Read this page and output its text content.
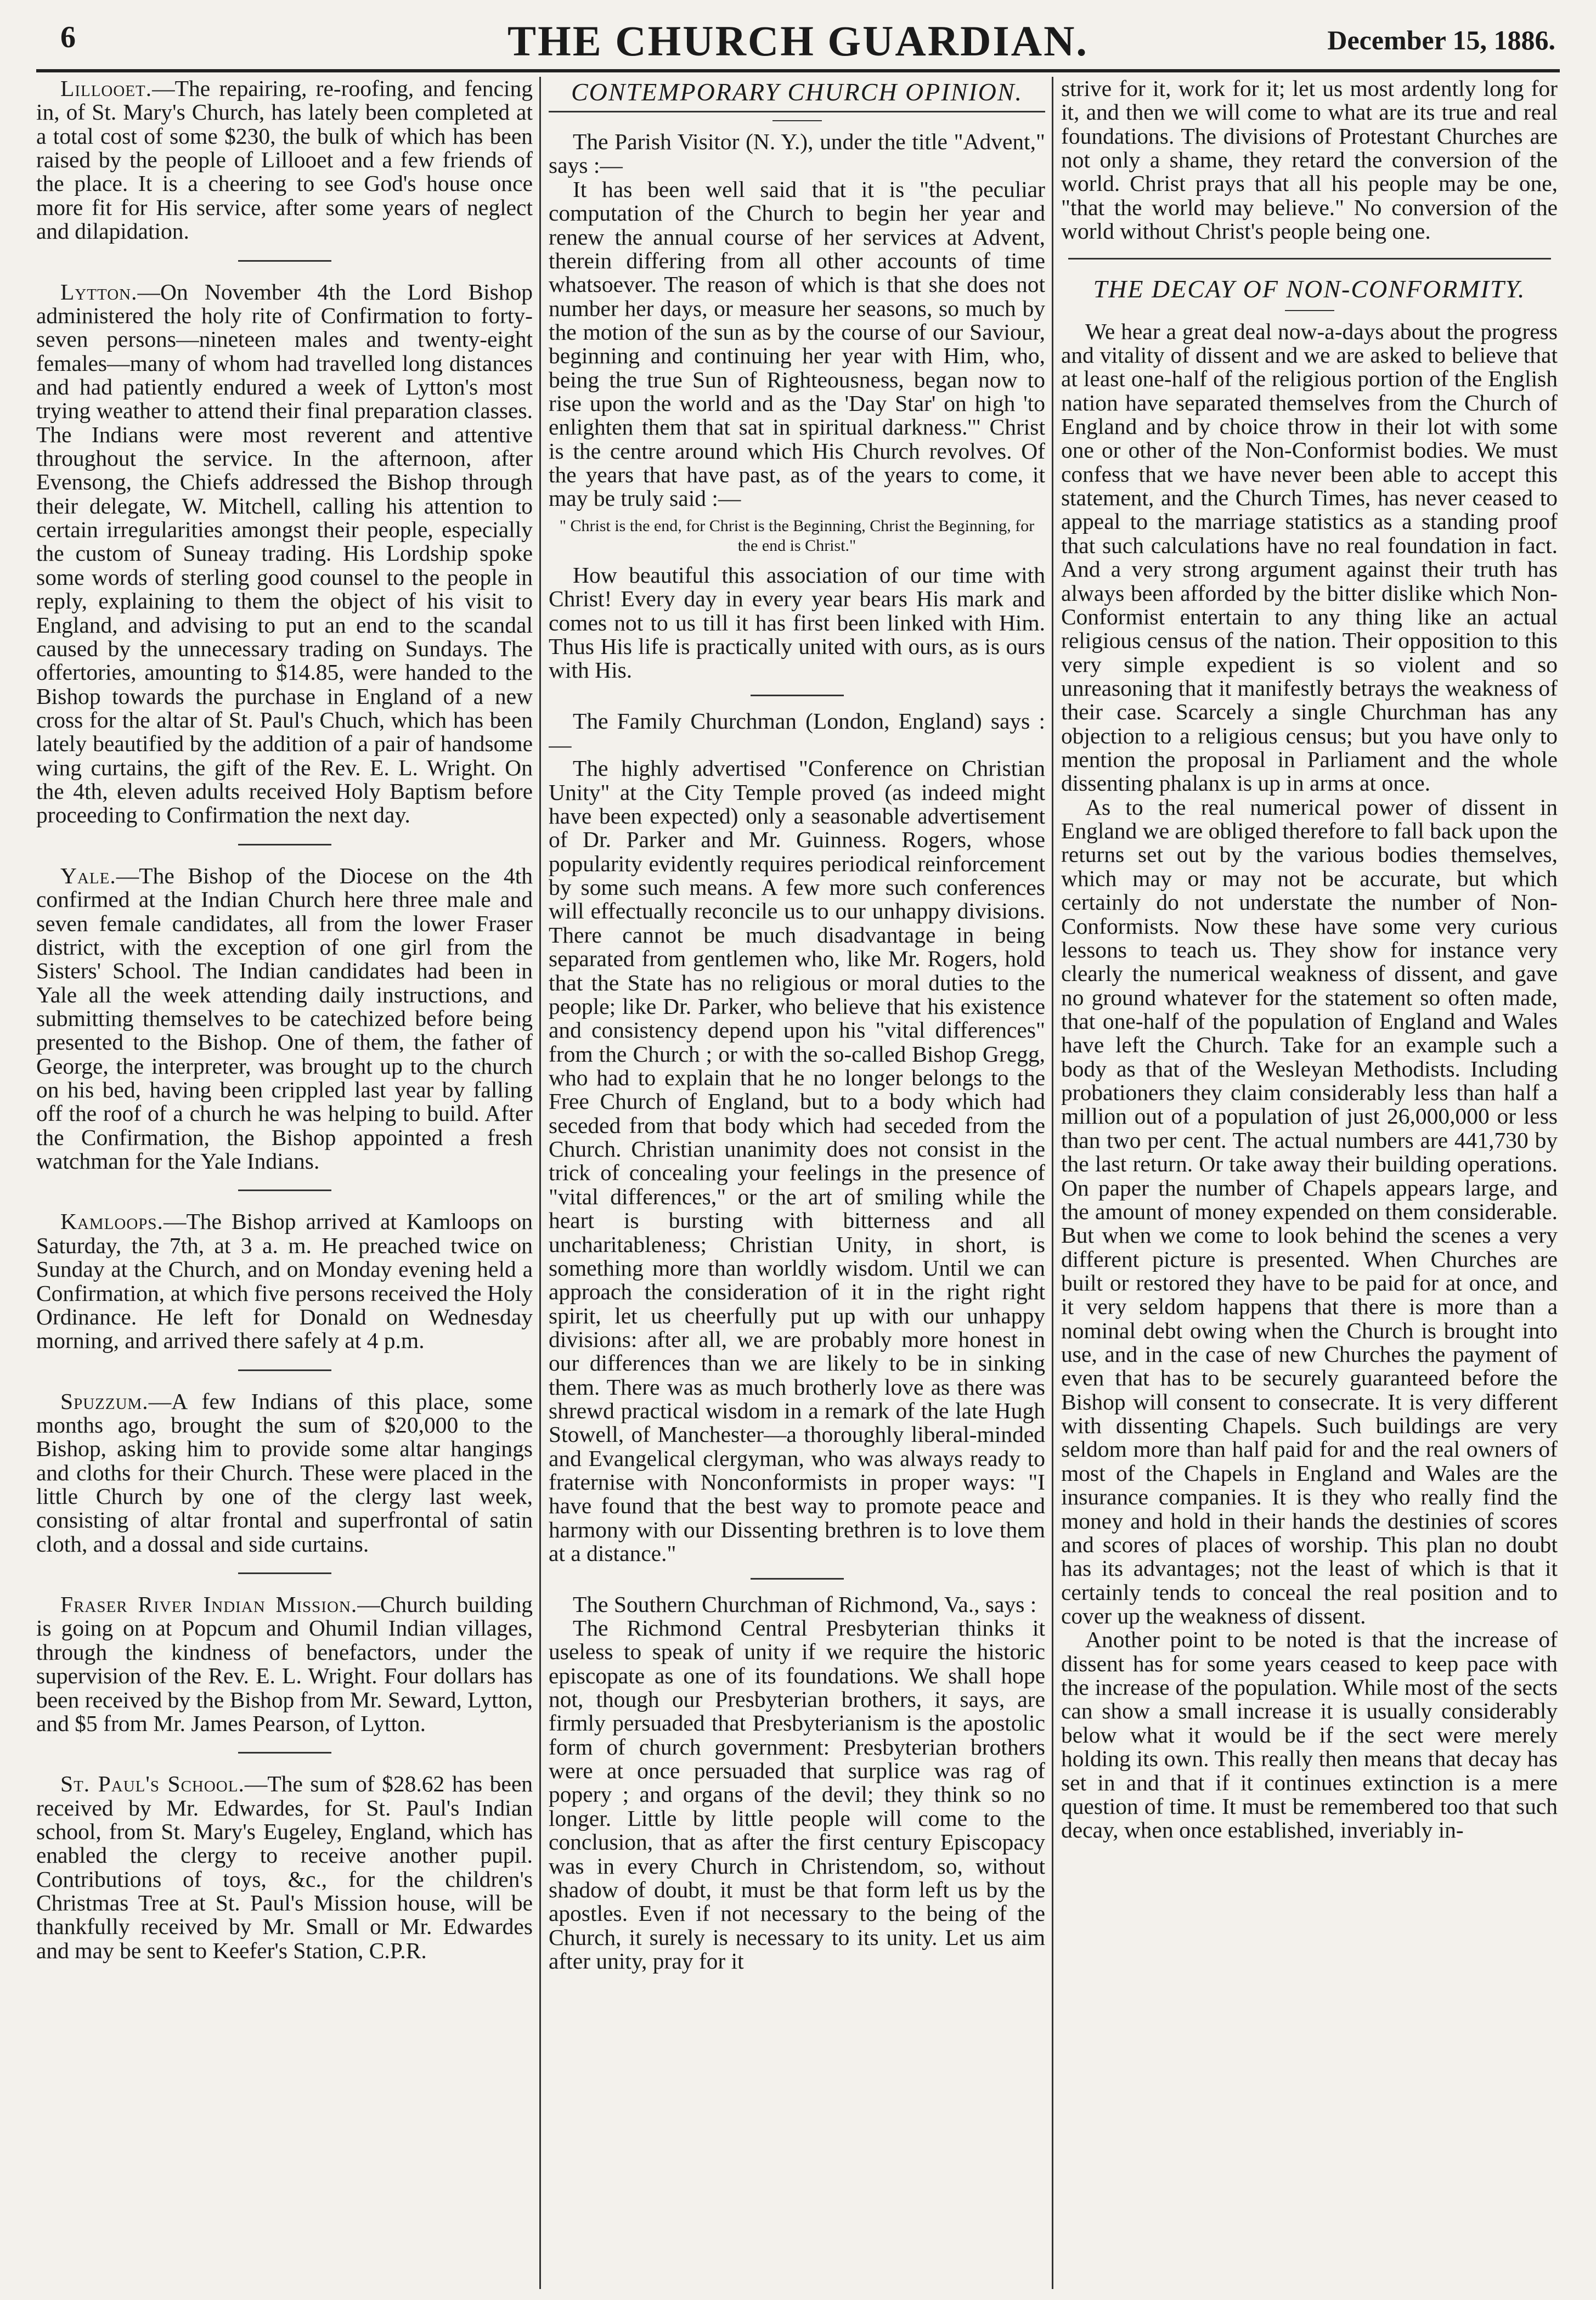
6	THE CHURCH GUARDIAN.	December 15, 1886.

Lillooet.—The repairing, re-roofing, and fencing in, of St. Mary's Church, has lately been completed at a total cost of some $230, the bulk of which has been raised by the people of Lillooet and a few friends of the place. It is a cheering to see God's house once more fit for His service, after some years of neglect and dilapidation.

Lytton.—On November 4th the Lord Bishop administered the holy rite of Confirmation to forty-seven persons—nineteen males and twenty-eight females—many of whom had travelled long distances and had patiently endured a week of Lytton's most trying weather to attend their final preparation classes. The Indians were most reverent and attentive throughout the service. In the afternoon, after Evensong, the Chiefs addressed the Bishop through their delegate, W. Mitchell, calling his attention to certain irregularities amongst their people, especially the custom of Suneay trading. His Lordship spoke some words of sterling good counsel to the people in reply, explaining to them the object of his visit to England, and advising to put an end to the scandal caused by the unnecessary trading on Sundays. The offertories, amounting to $14.85, were handed to the Bishop towards the purchase in England of a new cross for the altar of St. Paul's Chuch, which has been lately beautified by the addition of a pair of handsome wing curtains, the gift of the Rev. E. L. Wright. On the 4th, eleven adults received Holy Baptism before proceeding to Confirmation the next day.

Yale.—The Bishop of the Diocese on the 4th confirmed at the Indian Church here three male and seven female candidates, all from the lower Fraser district, with the exception of one girl from the Sisters' School. The Indian candidates had been in Yale all the week attending daily instructions, and submitting themselves to be catechized before being presented to the Bishop. One of them, the father of George, the interpreter, was brought up to the church on his bed, having been crippled last year by falling off the roof of a church he was helping to build. After the Confirmation, the Bishop appointed a fresh watchman for the Yale Indians.

Kamloops.—The Bishop arrived at Kamloops on Saturday, the 7th, at 3 a. m. He preached twice on Sunday at the Church, and on Monday evening held a Confirmation, at which five persons received the Holy Ordinance. He left for Donald on Wednesday morning, and arrived there safely at 4 p.m.

Spuzzum.—A few Indians of this place, some months ago, brought the sum of $20,000 to the Bishop, asking him to provide some altar hangings and cloths for their Church. These were placed in the little Church by one of the clergy last week, consisting of altar frontal and superfrontal of satin cloth, and a dossal and side curtains.

Fraser River Indian Mission.—Church building is going on at Popcum and Ohumil Indian villages, through the kindness of benefactors, under the supervision of the Rev. E. L. Wright. Four dollars has been received by the Bishop from Mr. Seward, Lytton, and $5 from Mr. James Pearson, of Lytton.

St. Paul's School.—The sum of $28.62 has been received by Mr. Edwardes, for St. Paul's Indian school, from St. Mary's Eugeley, England, which has enabled the clergy to receive another pupil. Contributions of toys, &c., for the children's Christmas Tree at St. Paul's Mission house, will be thankfully received by Mr. Small or Mr. Edwardes and may be sent to Keefer's Station, C.P.R.

CONTEMPORARY CHURCH OPINION.

The Parish Visitor (N. Y.), under the title "Advent," says :—

It has been well said that it is "the peculiar computation of the Church to begin her year and renew the annual course of her services at Advent, therein differing from all other accounts of time whatsoever. The reason of which is that she does not number her days, or measure her seasons, so much by the motion of the sun as by the course of our Saviour, beginning and continuing her year with Him, who, being the true Sun of Righteousness, began now to rise upon the world and as the 'Day Star' on high 'to enlighten them that sat in spiritual darkness.'" Christ is the centre around which His Church revolves. Of the years that have past, as of the years to come, it may be truly said :—

" Christ is the end, for Christ is the Beginning, Christ the Beginning, for the end is Christ."

How beautiful this association of our time with Christ! Every day in every year bears His mark and comes not to us till it has first been linked with Him. Thus His life is practically united with ours, as is ours with His.

The Family Churchman (London, England) says :—

The highly advertised "Conference on Christian Unity" at the City Temple proved (as indeed might have been expected) only a seasonable advertisement of Dr. Parker and Mr. Guinness. Rogers, whose popularity evidently requires periodical reinforcement by some such means. A few more such conferences will effectually reconcile us to our unhappy divisions. There cannot be much disadvantage in being separated from gentlemen who, like Mr. Rogers, hold that the State has no religious or moral duties to the people; like Dr. Parker, who believe that his existence and consistency depend upon his "vital differences" from the Church ; or with the so-called Bishop Gregg, who had to explain that he no longer belongs to the Free Church of England, but to a body which had seceded from that body which had seceded from the Church. Christian unanimity does not consist in the trick of concealing your feelings in the presence of "vital differences," or the art of smiling while the heart is bursting with bitterness and all uncharitableness; Christian Unity, in short, is something more than worldly wisdom. Until we can approach the consideration of it in the right right spirit, let us cheerfully put up with our unhappy divisions: after all, we are probably more honest in our differences than we are likely to be in sinking them. There was as much brotherly love as there was shrewd practical wisdom in a remark of the late Hugh Stowell, of Manchester—a thoroughly liberal-minded and Evangelical clergyman, who was always ready to fraternise with Nonconformists in proper ways: "I have found that the best way to promote peace and harmony with our Dissenting brethren is to love them at a distance."

The Southern Churchman of Richmond, Va., says :

The Richmond Central Presbyterian thinks it useless to speak of unity if we require the historic episcopate as one of its foundations. We shall hope not, though our Presbyterian brothers, it says, are firmly persuaded that Presbyterianism is the apostolic form of church government: Presbyterian brothers were at once persuaded that surplice was rag of popery ; and organs of the devil; they think so no longer. Little by little people will come to the conclusion, that as after the first century Episcopacy was in every Church in Christendom, so, without shadow of doubt, it must be that form left us by the apostles. Even if not necessary to the being of the Church, it surely is necessary to its unity. Let us aim after unity, pray for it

strive for it, work for it; let us most ardently long for it, and then we will come to what are its true and real foundations. The divisions of Protestant Churches are not only a shame, they retard the conversion of the world. Christ prays that all his people may be one, "that the world may believe." No conversion of the world without Christ's people being one.

THE DECAY OF NON-CONFORMITY.

We hear a great deal now-a-days about the progress and vitality of dissent and we are asked to believe that at least one-half of the religious portion of the English nation have separated themselves from the Church of England and by choice throw in their lot with some one or other of the Non-Conformist bodies. We must confess that we have never been able to accept this statement, and the Church Times, has never ceased to appeal to the marriage statistics as a standing proof that such calculations have no real foundation in fact. And a very strong argument against their truth has always been afforded by the bitter dislike which Non-Conformist entertain to any thing like an actual religious census of the nation. Their opposition to this very simple expedient is so violent and so unreasoning that it manifestly betrays the weakness of their case. Scarcely a single Churchman has any objection to a religious census; but you have only to mention the proposal in Parliament and the whole dissenting phalanx is up in arms at once.

As to the real numerical power of dissent in England we are obliged therefore to fall back upon the returns set out by the various bodies themselves, which may or may not be accurate, but which certainly do not understate the number of Non-Conformists. Now these have some very curious lessons to teach us. They show for instance very clearly the numerical weakness of dissent, and gave no ground whatever for the statement so often made, that one-half of the population of England and Wales have left the Church. Take for an example such a body as that of the Wesleyan Methodists. Including probationers they claim considerably less than half a million out of a population of just 26,000,000 or less than two per cent. The actual numbers are 441,730 by the last return. Or take away their building operations. On paper the number of Chapels appears large, and the amount of money expended on them considerable. But when we come to look behind the scenes a very different picture is presented. When Churches are built or restored they have to be paid for at once, and it very seldom happens that there is more than a nominal debt owing when the Church is brought into use, and in the case of new Churches the payment of even that has to be securely guaranteed before the Bishop will consent to consecrate. It is very different with dissenting Chapels. Such buildings are very seldom more than half paid for and the real owners of most of the Chapels in England and Wales are the insurance companies. It is they who really find the money and hold in their hands the destinies of scores and scores of places of worship. This plan no doubt has its advantages; not the least of which is that it certainly tends to conceal the real position and to cover up the weakness of dissent.

Another point to be noted is that the increase of dissent has for some years ceased to keep pace with the increase of the population. While most of the sects can show a small increase it is usually considerably below what it would be if the sect were merely holding its own. This really then means that decay has set in and that if it continues extinction is a mere question of time. It must be remembered too that such decay, when once established, inveriably in-
